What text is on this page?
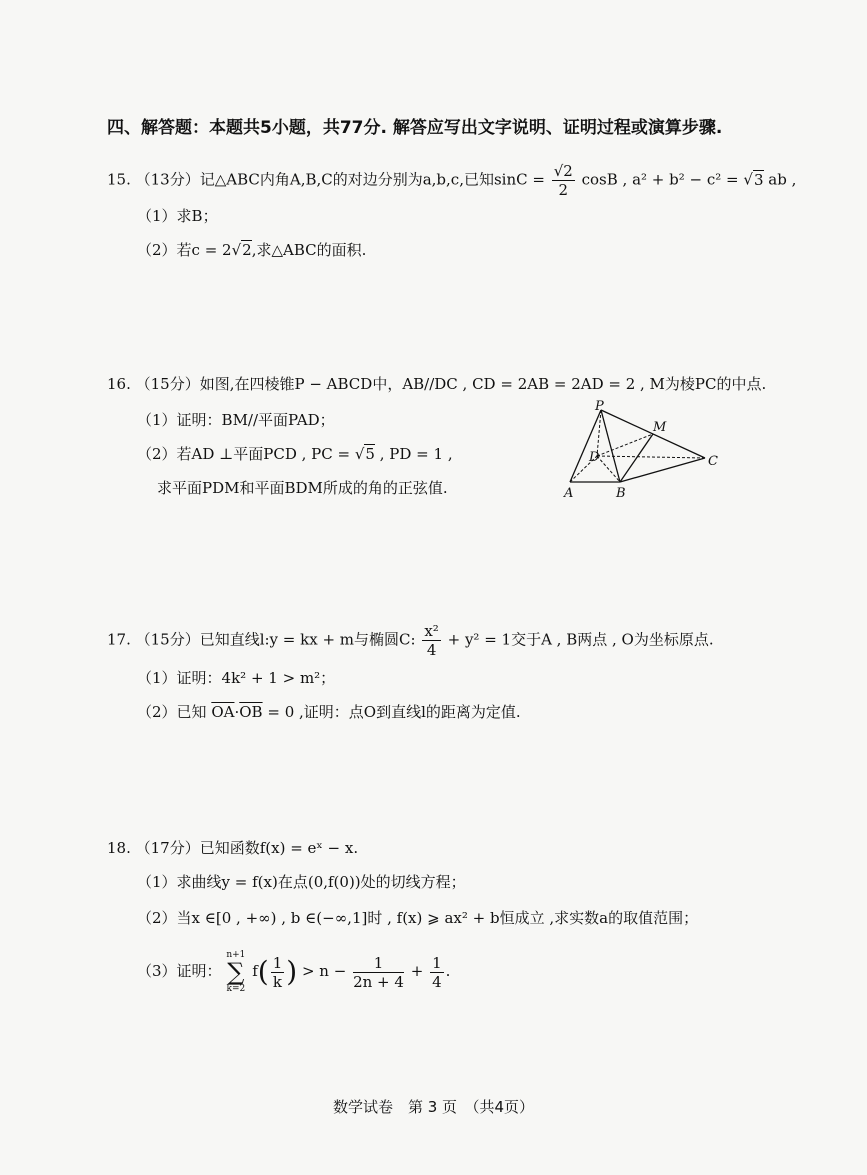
四、解答题：本题共5小题，共77分. 解答应写出文字说明、证明过程或演算步骤.
15. （13分）记△ABC内角A,B,C的对边分别为a,b,c,已知$\sin C = \frac{√2}{2}$ cosB , a² + b² − c² = √3 ab ,
（1）求B；
（2）若c = 2√2,求△ABC的面积.
16. （15分）如图,在四棱锥P − ABCD中，AB//DC , CD = 2AB = 2AD = 2 , M为棱PC的中点.
（1）证明：BM//平面PAD；
（2）若AD ⊥平面PCD , PC = √5 , PD = 1 ,
求平面PDM和平面BDM所成的角的正弦值.
P
M
D	C
A	B
17. （15分）已知直线l:y = kx + m与椭圆C: $\frac{\text{x²}}{4} + y^2 = 1$交于A , B两点 , O为坐标原点.
（1）证明：4k² + 1 > m²；
（2）已知 $\overline{OA}\cdot\overline{OB} = 0$ ,证明：点O到直线l的距离为定值.
18. （17分）已知函数f(x) = eˣ − x.
（1）求曲线y = f(x)在点(0,f(0))处的切线方程；
（2）当x ∈[0 , +∞) , b ∈(−∞,1]时 , f(x) ⩾ ax² + b恒成立 ,求实数a的取值范围；
（3）证明：
n+1
∑
k=2
$f( \frac{1}{k}$ ) > $n - \frac{1}{2n + 4} + \frac{1}{4}$ .
数学试卷　第 3 页　（共4页）
